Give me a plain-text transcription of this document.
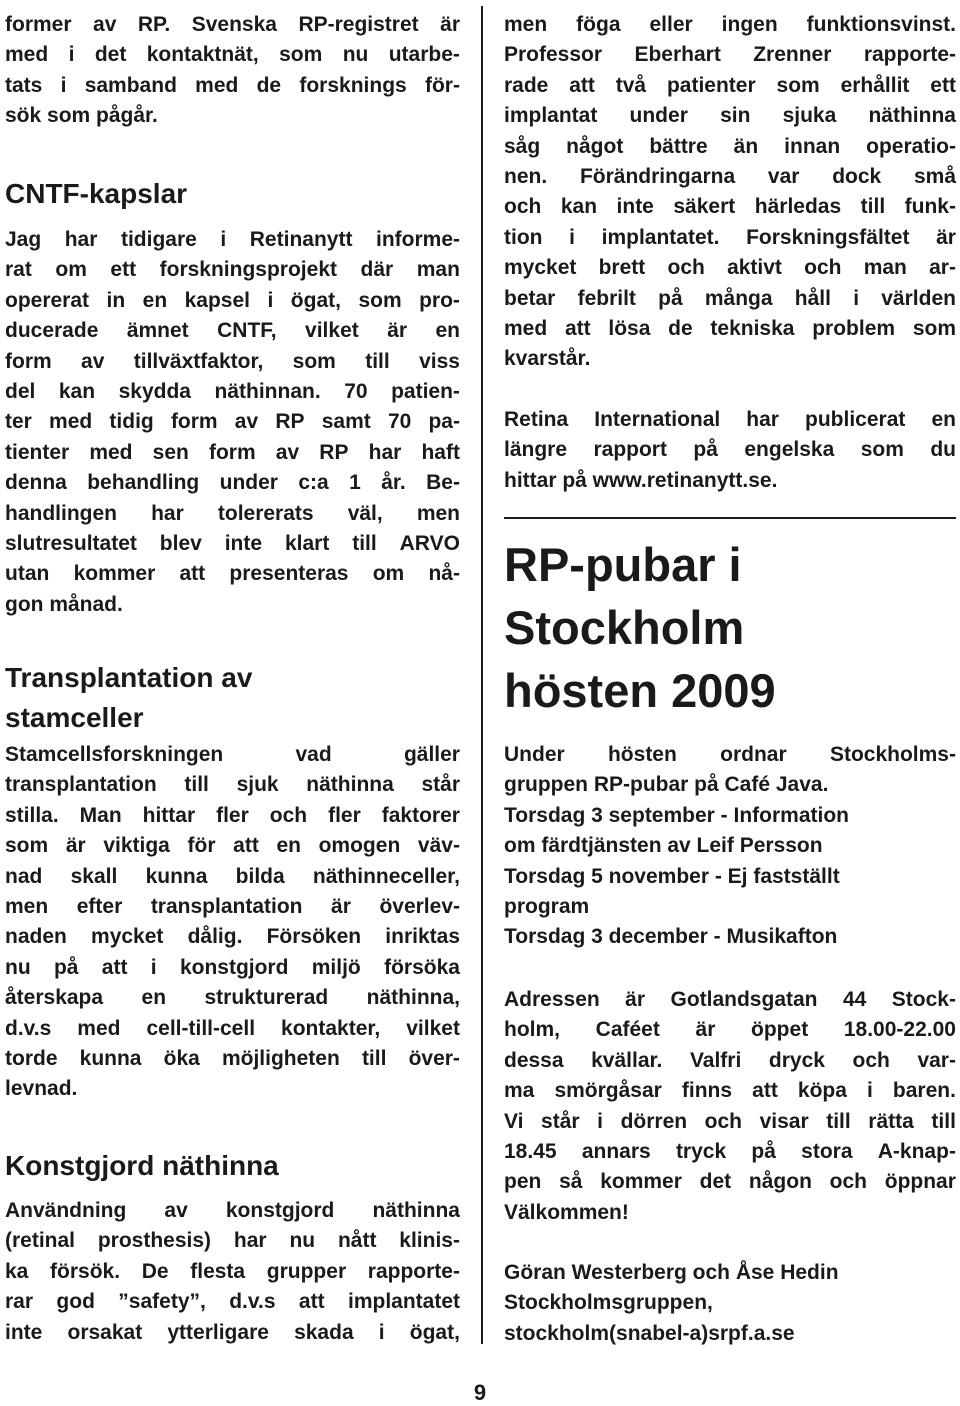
former av RP. Svenska RP-registret är
med i det kontaktnät, som nu utarbe-
tats i samband med de forsknings för-
sök som pågår.
CNTF-kapslar
Jag har tidigare i Retinanytt informe-
rat om ett forskningsprojekt där man
opererat in en kapsel i ögat, som pro-
ducerade ämnet CNTF, vilket är en
form av tillväxtfaktor, som till viss
del kan skydda näthinnan. 70 patien-
ter med tidig form av RP samt 70 pa-
tienter med sen form av RP har haft
denna behandling under c:a 1 år. Be-
handlingen har tolererats väl, men
slutresultatet blev inte klart till ARVO
utan kommer att presenteras om nå-
gon månad.
Transplantation av
stamceller
Stamcellsforskningen	vad	gäller
transplantation till sjuk näthinna står
stilla. Man hittar fler och fler faktorer
som är viktiga för att en omogen väv-
nad skall kunna bilda näthinneceller,
men efter transplantation är överlev-
naden mycket dålig. Försöken inriktas
nu på att i konstgjord miljö försöka
återskapa en strukturerad näthinna,
d.v.s med cell-till-cell kontakter, vilket
torde kunna öka möjligheten till över-
levnad.
Konstgjord näthinna
Användning av konstgjord näthinna
(retinal prosthesis) har nu nått klinis-
ka försök. De flesta grupper rapporte-
rar god ”safety”, d.v.s att implantatet
inte orsakat ytterligare skada i ögat,
men föga eller ingen funktionsvinst.
Professor Eberhart Zrenner rapporte-
rade att två patienter som erhållit ett
implantat under sin sjuka näthinna
såg något bättre än innan operatio-
nen. Förändringarna var dock små
och kan inte säkert härledas till funk-
tion i implantatet. Forskningsfältet är
mycket brett och aktivt och man ar-
betar febrilt på många håll i världen
med att lösa de tekniska problem som
kvarstår.
Retina International har publicerat en
längre rapport på engelska som du
hittar på www.retinanytt.se.
RP-pubar i
Stockholm
hösten 2009
Under hösten ordnar Stockholms-
gruppen RP-pubar på Café Java.
Torsdag 3 september - Information
om färdtjänsten av Leif Persson
Torsdag 5 november - Ej fastställt
program
Torsdag 3 december - Musikafton
Adressen är Gotlandsgatan 44 Stock-
holm, Caféet är öppet 18.00-22.00
dessa kvällar. Valfri dryck och var-
ma smörgåsar finns att köpa i baren.
Vi står i dörren och visar till rätta till
18.45 annars tryck på stora A-knap-
pen så kommer det någon och öppnar
Välkommen!
Göran Westerberg och Åse Hedin
Stockholmsgruppen,
stockholm(snabel-a)srpf.a.se
9
